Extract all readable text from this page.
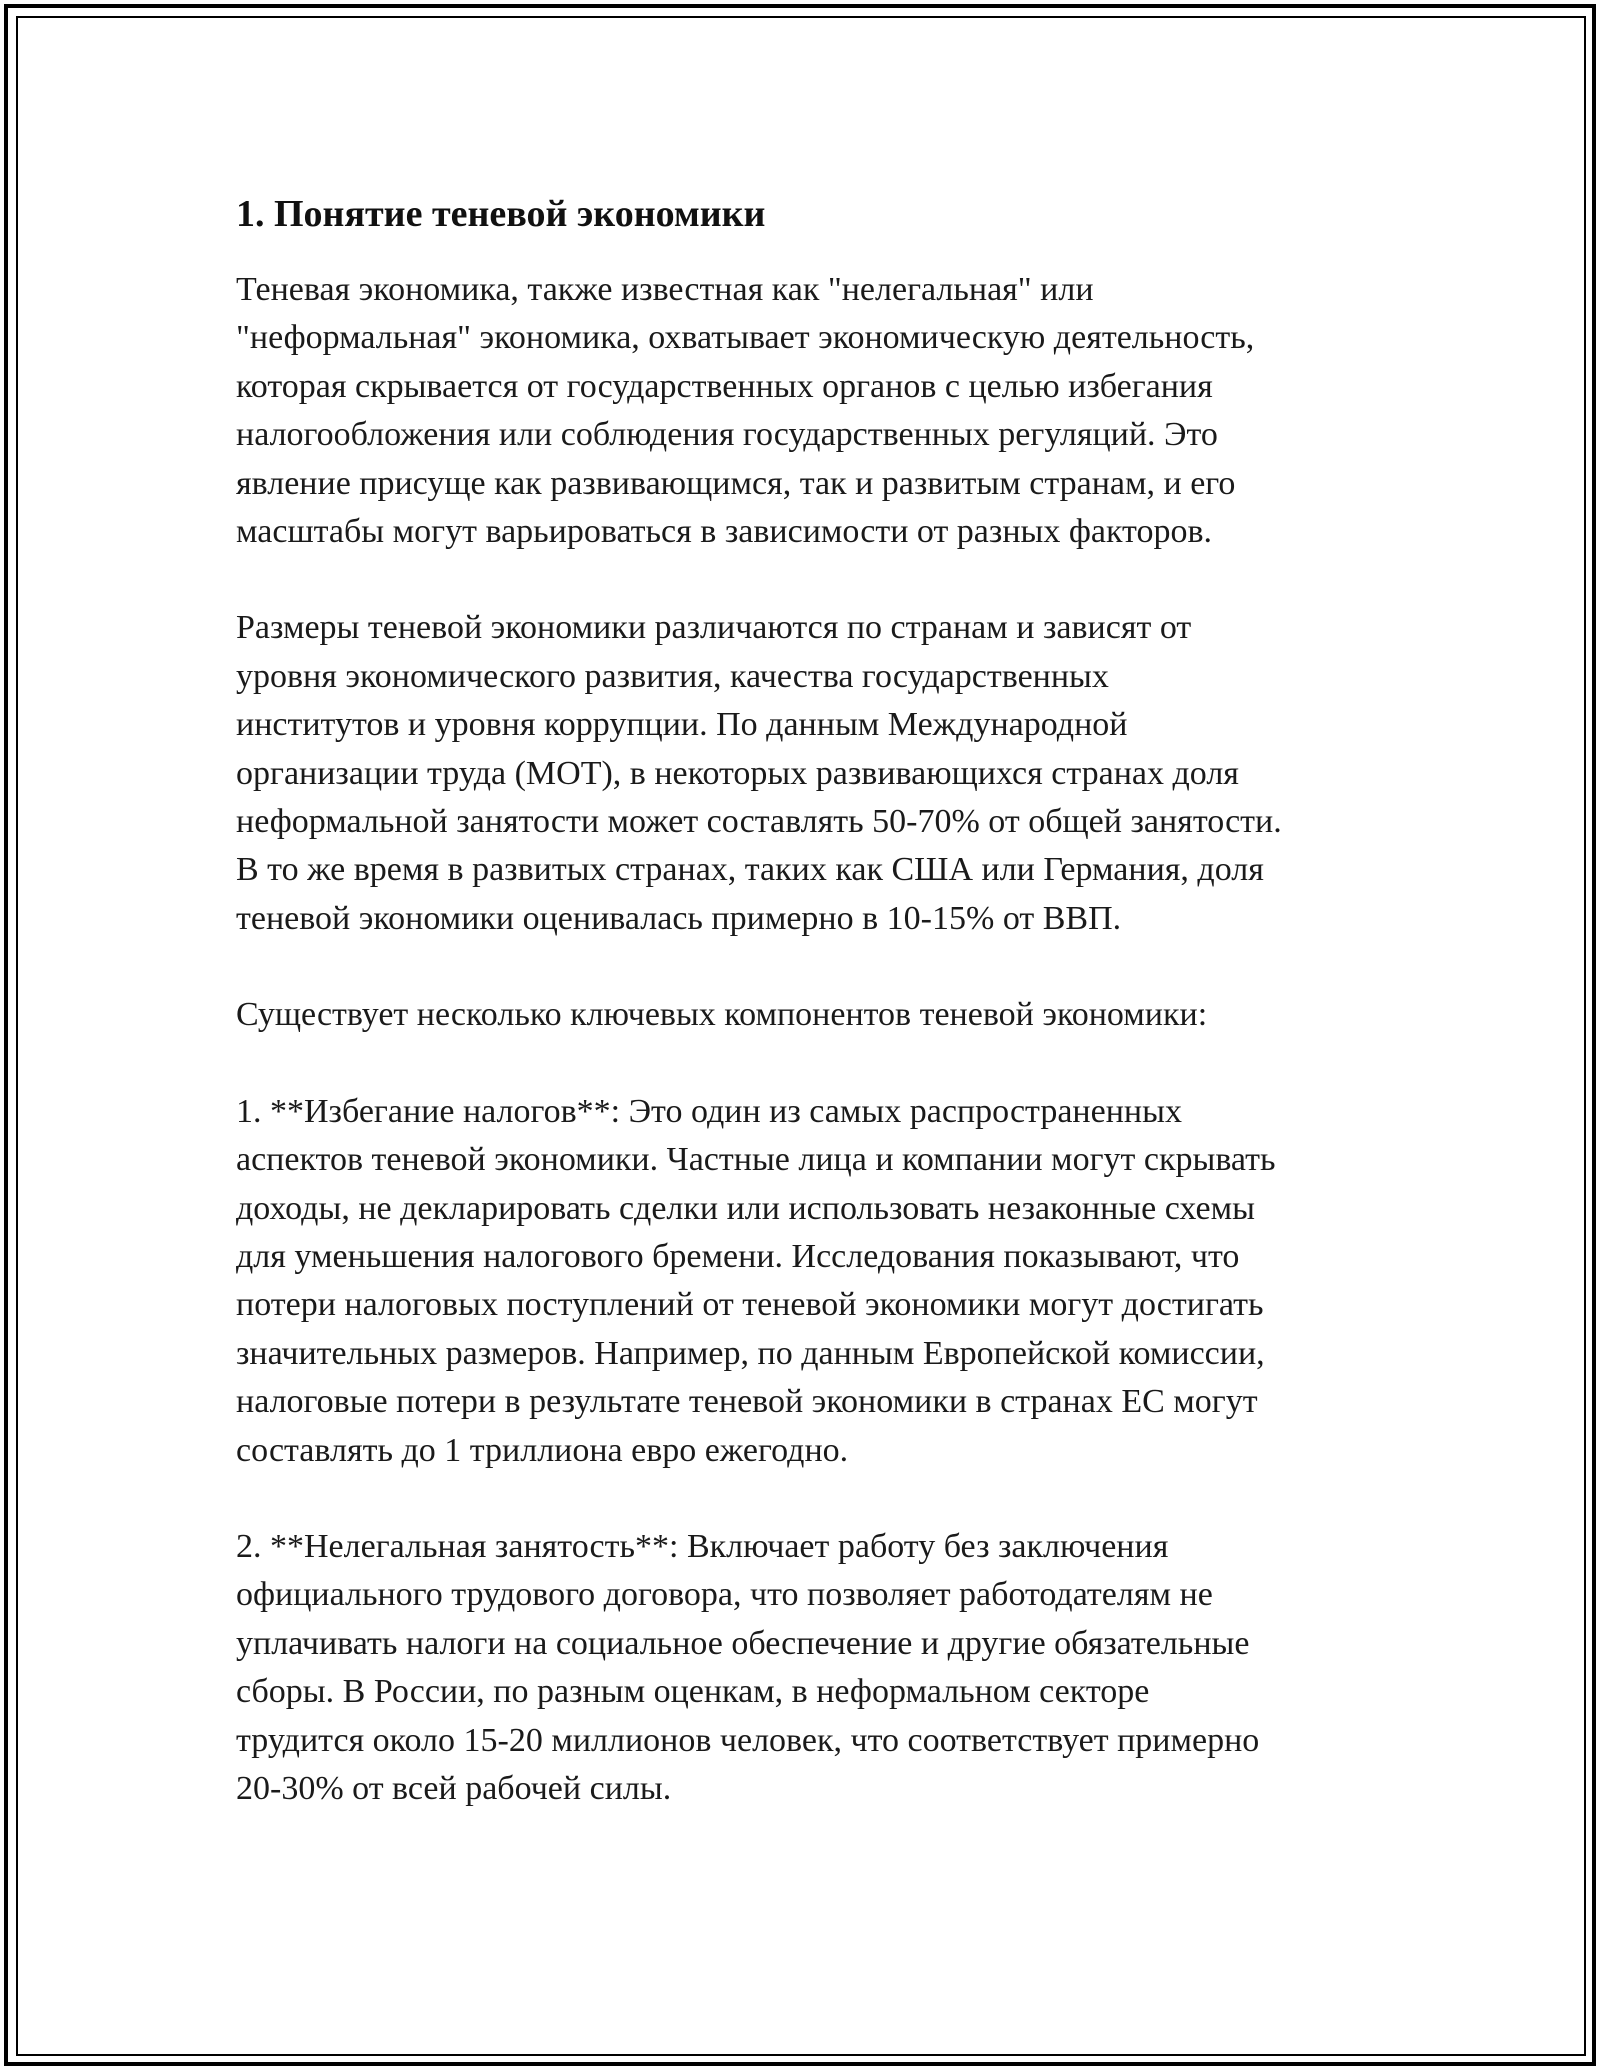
1. Понятие теневой экономики

Теневая экономика, также известная как "нелегальная" или
"неформальная" экономика, охватывает экономическую деятельность,
которая скрывается от государственных органов с целью избегания
налогообложения или соблюдения государственных регуляций. Это
явление присуще как развивающимся, так и развитым странам, и его
масштабы могут варьироваться в зависимости от разных факторов.

Размеры теневой экономики различаются по странам и зависят от
уровня экономического развития, качества государственных
институтов и уровня коррупции. По данным Международной
организации труда (МОТ), в некоторых развивающихся странах доля
неформальной занятости может составлять 50-70% от общей занятости.
В то же время в развитых странах, таких как США или Германия, доля
теневой экономики оценивалась примерно в 10-15% от ВВП.

Существует несколько ключевых компонентов теневой экономики:

1. **Избегание налогов**: Это один из самых распространенных
аспектов теневой экономики. Частные лица и компании могут скрывать
доходы, не декларировать сделки или использовать незаконные схемы
для уменьшения налогового бремени. Исследования показывают, что
потери налоговых поступлений от теневой экономики могут достигать
значительных размеров. Например, по данным Европейской комиссии,
налоговые потери в результате теневой экономики в странах ЕС могут
составлять до 1 триллиона евро ежегодно.

2. **Нелегальная занятость**: Включает работу без заключения
официального трудового договора, что позволяет работодателям не
уплачивать налоги на социальное обеспечение и другие обязательные
сборы. В России, по разным оценкам, в неформальном секторе
трудится около 15-20 миллионов человек, что соответствует примерно
20-30% от всей рабочей силы.
